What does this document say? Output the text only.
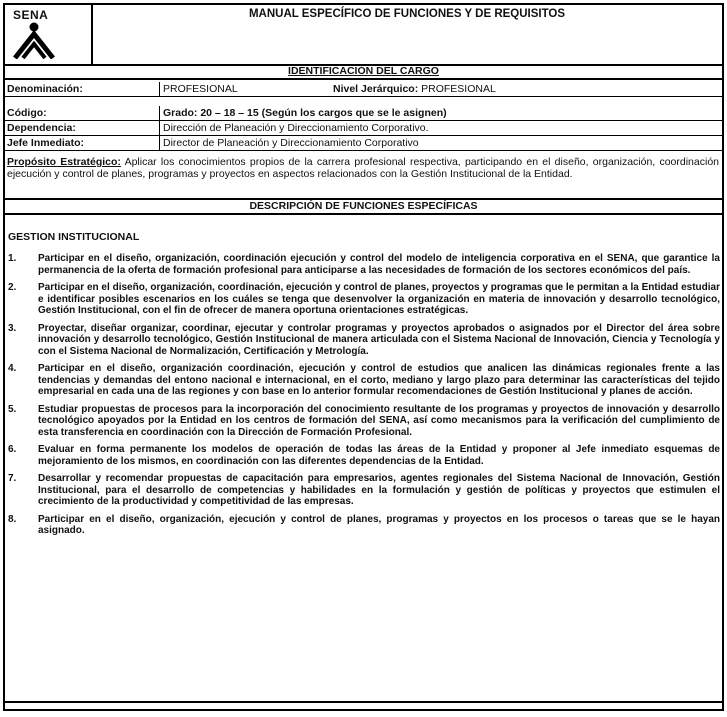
SENA	MANUAL ESPECÍFICO DE FUNCIONES Y DE REQUISITOS
IDENTIFICACIÓN DEL CARGO
Denominación:	PROFESIONAL	Nivel Jerárquico: PROFESIONAL
Código:	Grado: 20 – 18 – 15 (Según los cargos que se le asignen)
Dependencia:	Dirección de Planeación y Direccionamiento Corporativo.
Jefe Inmediato:	Director de Planeación y Direccionamiento Corporativo
Propósito Estratégico: Aplicar los conocimientos propios de la carrera profesional respectiva, participando en el diseño, organización, coordinación ejecución y control de planes, programas y proyectos en aspectos relacionados con la Gestión Institucional de la Entidad.
DESCRIPCIÓN DE FUNCIONES ESPECÍFICAS
GESTION INSTITUCIONAL
1. Participar en el diseño, organización, coordinación ejecución y control del modelo de inteligencia corporativa en el SENA, que garantice la permanencia de la oferta de formación profesional para anticiparse a las necesidades de formación de los sectores económicos del país.
2. Participar en el diseño, organización, coordinación, ejecución y control de planes, proyectos y programas que le permitan a la Entidad estudiar e identificar posibles escenarios en los cuáles se tenga que desenvolver la organización en materia de innovación y desarrollo tecnológico, Gestión Institucional, con el fin de ofrecer de manera oportuna orientaciones estratégicas.
3. Proyectar, diseñar organizar, coordinar, ejecutar y controlar programas y proyectos aprobados o asignados por el Director del área sobre innovación y desarrollo tecnológico, Gestión Institucional de manera articulada con el Sistema Nacional de Innovación, Ciencia y Tecnología y con el Sistema Nacional de Normalización, Certificación y Metrología.
4. Participar en el diseño, organización coordinación, ejecución y control de estudios que analicen las dinámicas regionales frente a las tendencias y demandas del entono nacional e internacional, en el corto, mediano y largo plazo para determinar las características del tejido empresarial en cada una de las regiones y con base en lo anterior formular recomendaciones de Gestión Institucional y planes de acción.
5. Estudiar propuestas de procesos para la incorporación del conocimiento resultante de los programas y proyectos de innovación y desarrollo tecnológico apoyados por la Entidad en los centros de formación del SENA, así como mecanismos para la verificación del cumplimiento de esta transferencia en coordinación con la Dirección de Formación Profesional.
6. Evaluar en forma permanente los modelos de operación de todas las áreas de la Entidad y proponer al Jefe inmediato esquemas de mejoramiento de los mismos, en coordinación con las diferentes dependencias de la Entidad.
7. Desarrollar y recomendar propuestas de capacitación para empresarios, agentes regionales del Sistema Nacional de Innovación, Gestión Institucional, para el desarrollo de competencias y habilidades en la formulación y gestión de políticas y proyectos que estimulen el crecimiento de la productividad y competitividad de las empresas.
8. Participar en el diseño, organización, ejecución y control de planes, programas y proyectos en los procesos o tareas que se le hayan asignado.
